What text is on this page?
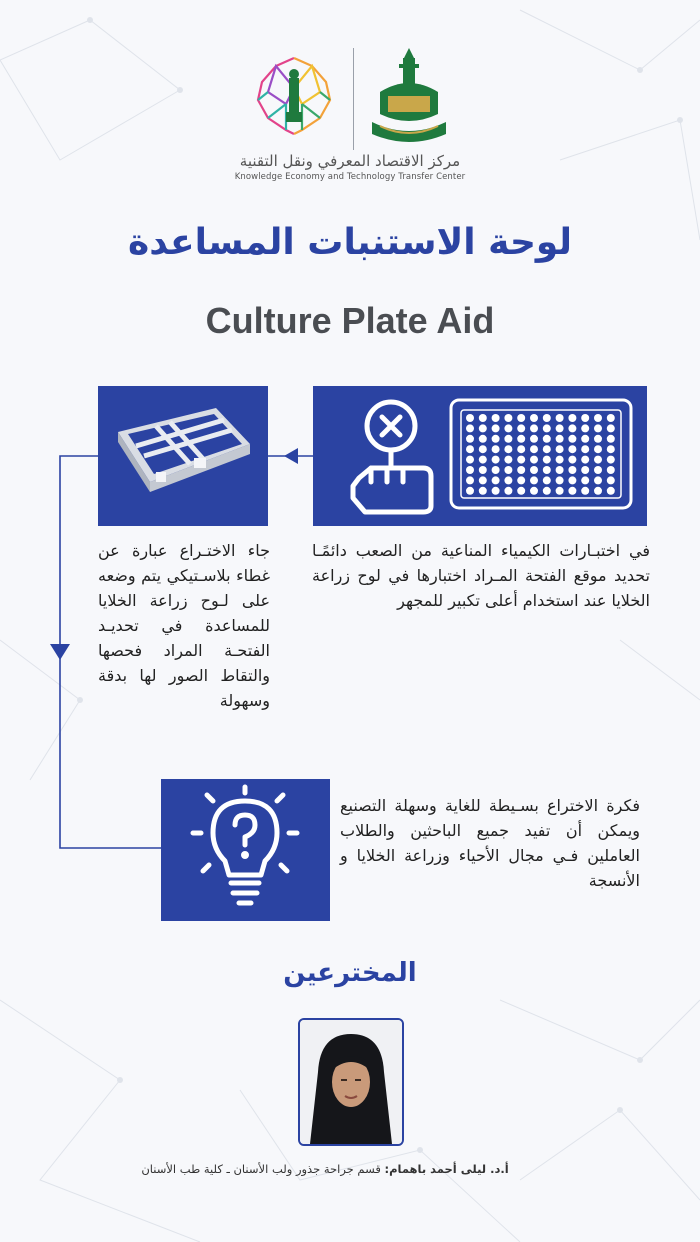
مركز الاقتصاد المعرفي ونقل التقنية
Knowledge Economy and Technology Transfer Center
لوحة الاستنبات المساعدة
Culture Plate Aid
في اختبـارات الكيمياء المناعية من الصعب دائمًـا تحديد موقع الفتحة المـراد اختبارها في لوح زراعة الخلايا عند استخدام أعلى تكبير للمجهر
جاء الاختـراع عبارة عن غطاء بلاسـتيكي يتم وضعه على لـوح زراعة الخلايا للمساعدة في تحديـد الفتحـة المراد فحصها والتقاط الصور لها بدقة وسهولة
فكرة الاختراع بسـيطة للغاية وسهلة التصنيع ويمكن أن تفيد جميع الباحثين والطلاب العاملين فـي مجال الأحياء وزراعة الخلايا و الأنسجة
المخترعين
أ.د. ليلى أحمد باهمام: قسم جراحة جذور ولب الأسنان ـ كلية طب الأسنان
